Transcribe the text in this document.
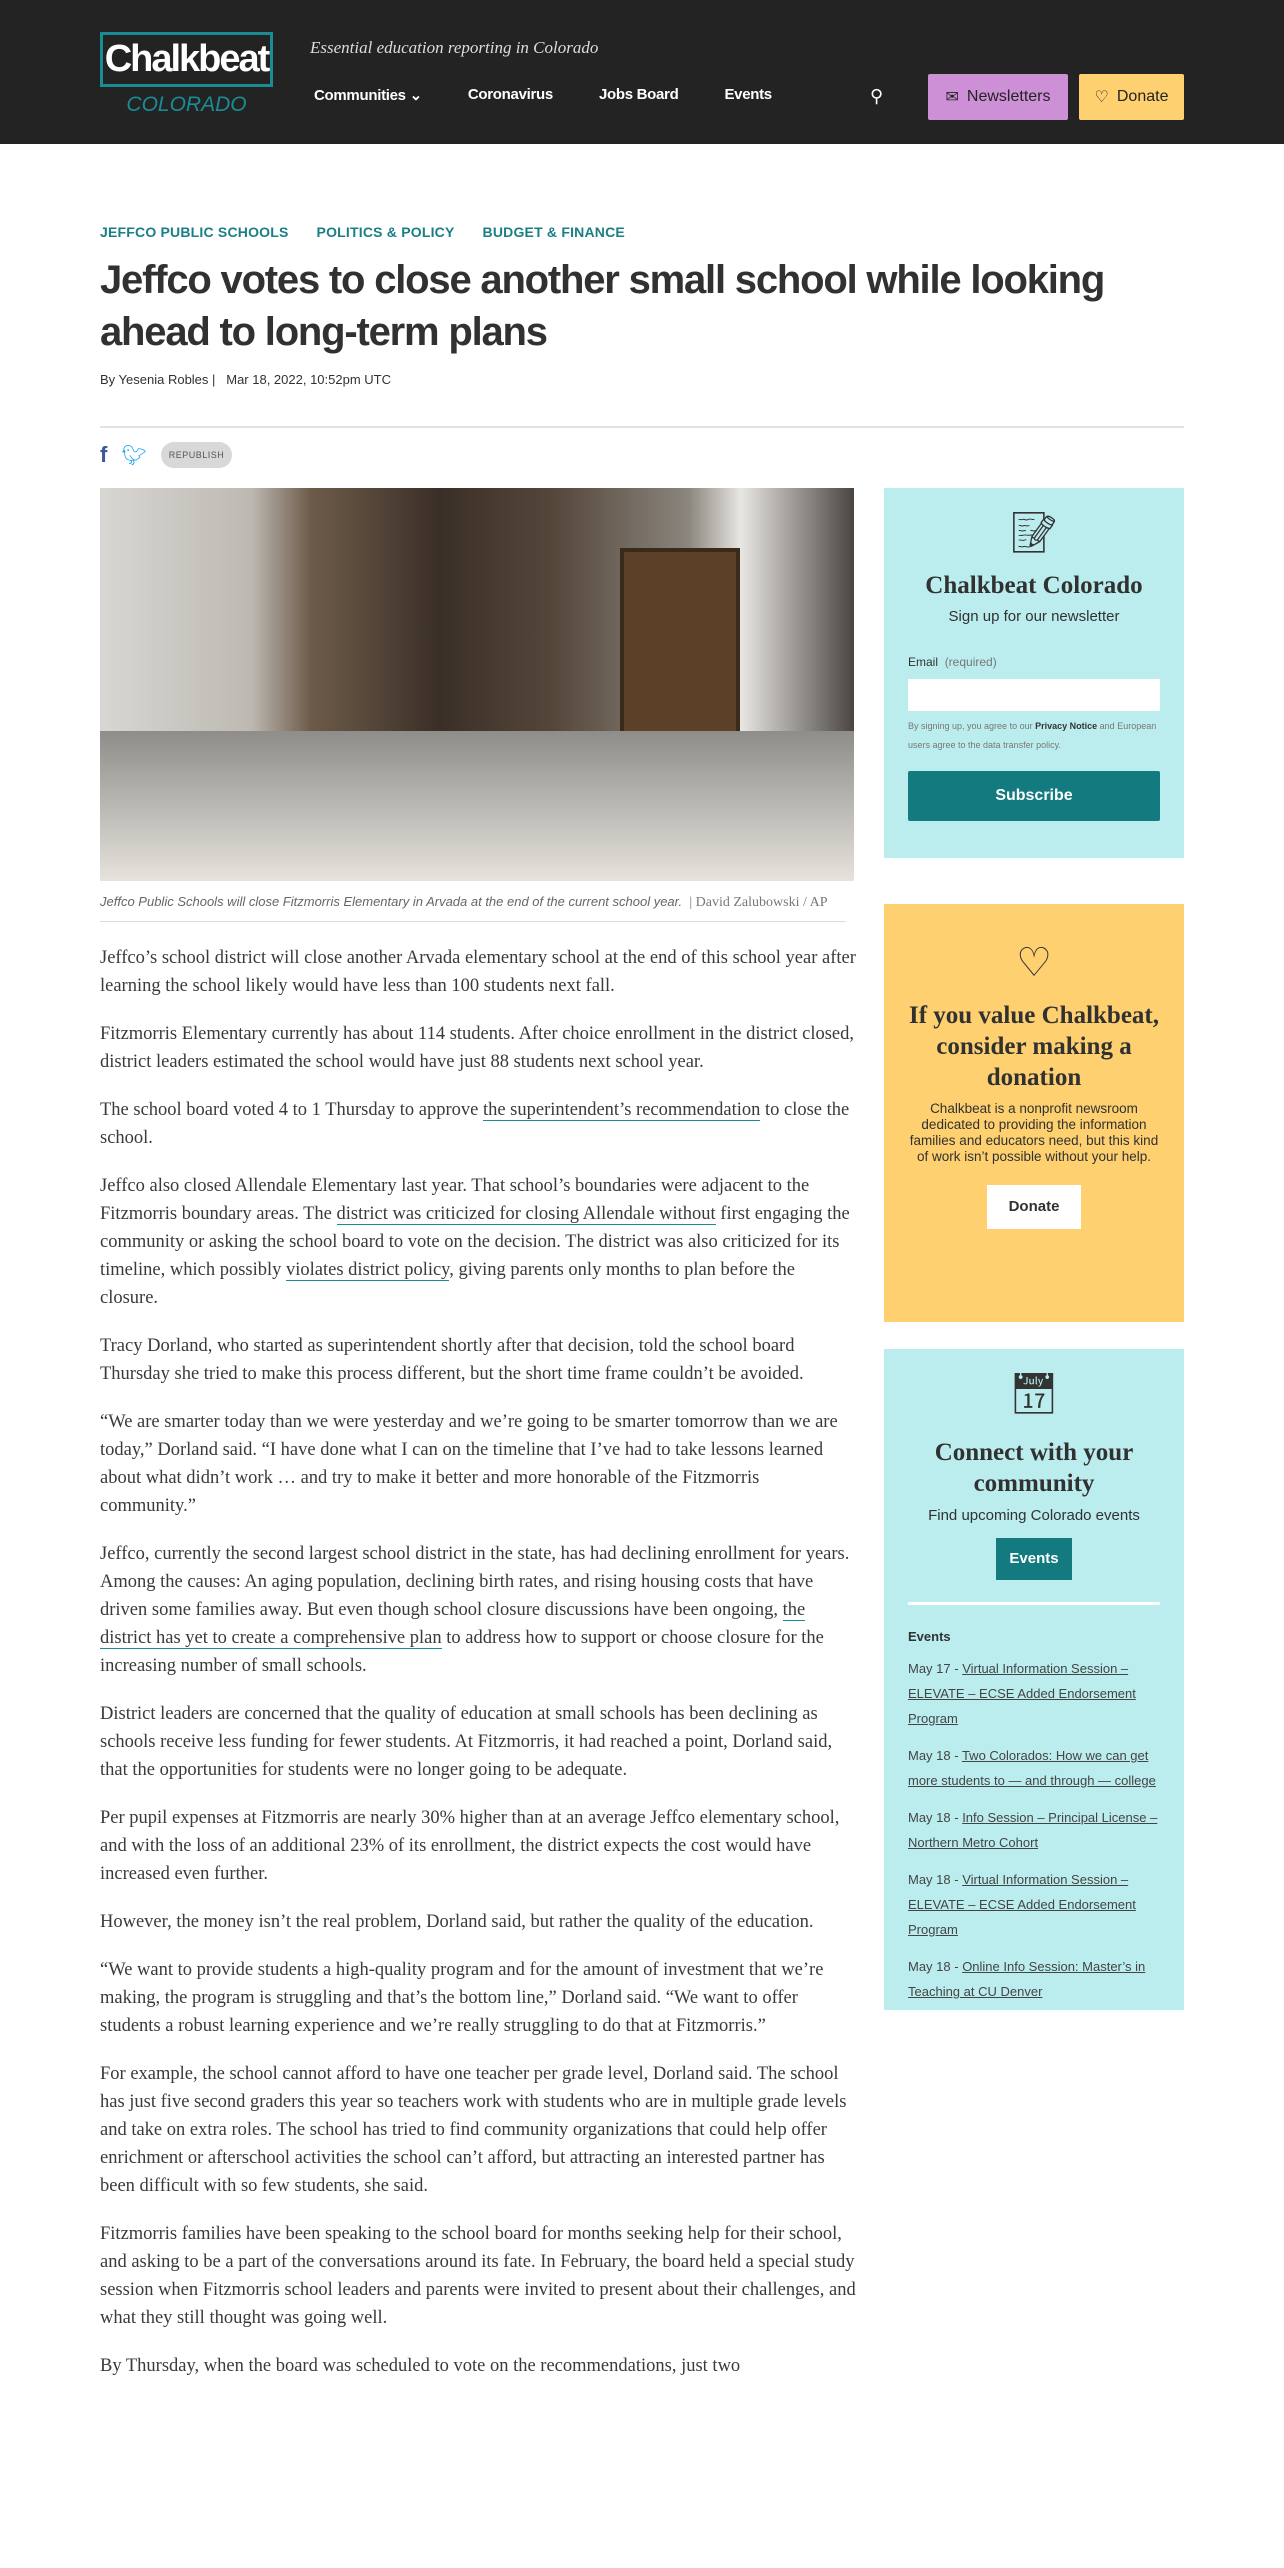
Chalkbeat
COLORADO
Essential education reporting in Colorado
Communities ⌄	Coronavirus	Jobs Board	Events	⚲	✉ Newsletters	♡ Donate
JEFFCO PUBLIC SCHOOLS POLITICS & POLICY BUDGET & FINANCE
Jeffco votes to close another small school while looking ahead to long-term plans
By Yesenia Robles | Mar 18, 2022, 10:52pm UTC
f 🐦︎	REPUBLISH
Jeffco Public Schools will close Fitzmorris Elementary in Arvada at the end of the current school year. | David Zalubowski / AP

Jeffco’s school district will close another Arvada elementary school at the end of this school year after learning the school likely would have less than 100 students next fall.

Fitzmorris Elementary currently has about 114 students. After choice enrollment in the district closed, district leaders estimated the school would have just 88 students next school year.

The school board voted 4 to 1 Thursday to approve the superintendent’s recommendation to close the school.

Jeffco also closed Allendale Elementary last year. That school’s boundaries were adjacent to the Fitzmorris boundary areas. The district was criticized for closing Allendale without first engaging the community or asking the school board to vote on the decision. The district was also criticized for its timeline, which possibly violates district policy, giving parents only months to plan before the closure.

Tracy Dorland, who started as superintendent shortly after that decision, told the school board Thursday she tried to make this process different, but the short time frame couldn’t be avoided.

“We are smarter today than we were yesterday and we’re going to be smarter tomorrow than we are today,” Dorland said. “I have done what I can on the timeline that I’ve had to take lessons learned about what didn’t work … and try to make it better and more honorable of the Fitzmorris community.”

Jeffco, currently the second largest school district in the state, has had declining enrollment for years. Among the causes: An aging population, declining birth rates, and rising housing costs that have driven some families away. But even though school closure discussions have been ongoing, the district has yet to create a comprehensive plan to address how to support or choose closure for the increasing number of small schools.

District leaders are concerned that the quality of education at small schools has been declining as schools receive less funding for fewer students. At Fitzmorris, it had reached a point, Dorland said, that the opportunities for students were no longer going to be adequate.

Per pupil expenses at Fitzmorris are nearly 30% higher than at an average Jeffco elementary school, and with the loss of an additional 23% of its enrollment, the district expects the cost would have increased even further.

However, the money isn’t the real problem, Dorland said, but rather the quality of the education.

“We want to provide students a high-quality program and for the amount of investment that we’re making, the program is struggling and that’s the bottom line,” Dorland said. “We want to offer students a robust learning experience and we’re really struggling to do that at Fitzmorris.”

For example, the school cannot afford to have one teacher per grade level, Dorland said. The school has just five second graders this year so teachers work with students who are in multiple grade levels and take on extra roles. The school has tried to find community organizations that could help offer enrichment or afterschool activities the school can’t afford, but attracting an interested partner has been difficult with so few students, she said.

Fitzmorris families have been speaking to the school board for months seeking help for their school, and asking to be a part of the conversations around its fate. In February, the board held a special study session when Fitzmorris school leaders and parents were invited to present about their challenges, and what they still thought was going well.

By Thursday, when the board was scheduled to vote on the recommendations, just two

📝︎
Chalkbeat Colorado
Sign up for our newsletter
Email (required)
By signing up, you agree to our Privacy Notice and European users agree to the data transfer policy.
Subscribe
♡
If you value Chalkbeat, consider making a donation
Chalkbeat is a nonprofit newsroom dedicated to providing the information families and educators need, but this kind of work isn’t possible without your help.
Donate
📅︎
Connect with your community
Find upcoming Colorado events
Events
Events
May 17 - Virtual Information Session – ELEVATE – ECSE Added Endorsement Program
May 18 - Two Colorados: How we can get more students to — and through — college
May 18 - Info Session – Principal License – Northern Metro Cohort
May 18 - Virtual Information Session – ELEVATE – ECSE Added Endorsement Program
May 18 - Online Info Session: Master’s in Teaching at CU Denver
